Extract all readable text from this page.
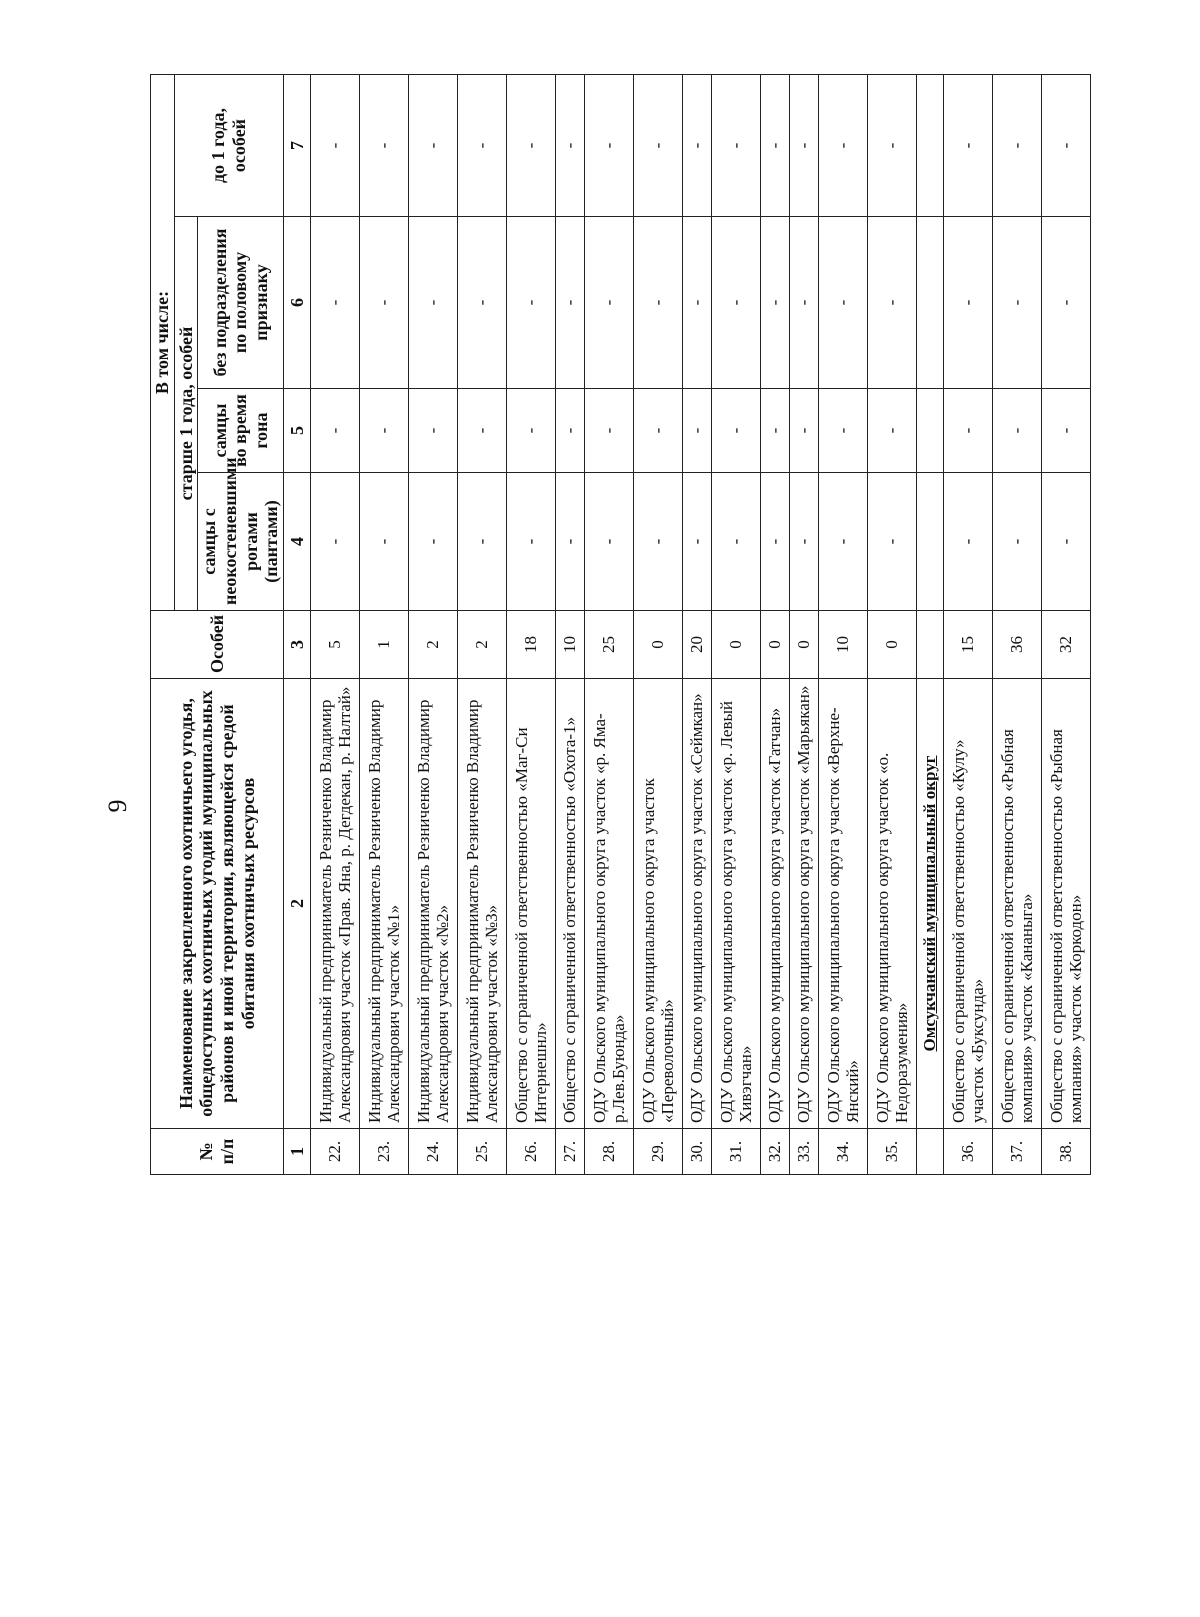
9
№ п/п	Наименование закрепленного охотничьего угодья, общедоступных охотничьих угодий муниципальных районов и иной территории, являющейся средой обитания охотничьих ресурсов	Особей	В том числе:			
			старше 1 года, особей			до 1 года, особей
			самцы с неокостеневшими рогами (пантами)	самцы во время гона	без подразделения по половому признаку	
1	2	3	4	5	6	7
22.	Индивидуальный предприниматель Резниченко Владимир Александрович участок «Прав. Яна, р. Дегдекан, р. Налтай»	5	-	-	-	-
23.	Индивидуальный предприниматель Резниченко Владимир Александрович участок «№1»	1	-	-	-	-
24.	Индивидуальный предприниматель Резниченко Владимир Александрович участок «№2»	2	-	-	-	-
25.	Индивидуальный предприниматель Резниченко Владимир Александрович участок «№3»	2	-	-	-	-
26.	Общество с ограниченной ответственностью «Маг-Си Интернешнл»	18	-	-	-	-
27.	Общество с ограниченной ответственностью «Охота-1»	10	-	-	-	-
28.	ОДУ Ольского муниципального округа участок «р. Яма-р.Лев.Буюнда»	25	-	-	-	-
29.	ОДУ Ольского муниципального округа участок «Переволочный»	0	-	-	-	-
30.	ОДУ Ольского муниципального округа участок «Сеймкан»	20	-	-	-	-
31.	ОДУ Ольского муниципального округа участок «р. Левый Хивэгчан»	0	-	-	-	-
32.	ОДУ Ольского муниципального округа участок «Гатчан»	0	-	-	-	-
33.	ОДУ Ольского муниципального округа участок «Марьякан»	0	-	-	-	-
34.	ОДУ Ольского муниципального округа участок «Верхне-Янский»	10	-	-	-	-
35.	ОДУ Ольского муниципального округа участок «о. Недоразумения»	0	-	-	-	-
	Омсукчанский муниципальный округ					
36.	Общество с ограниченной ответственностью «Кулу» участок «Буксунда»	15	-	-	-	-
37.	Общество с ограниченной ответственностью «Рыбная компания» участок «Кананыга»	36	-	-	-	-
38.	Общество с ограниченной ответственностью «Рыбная компания» участок «Коркодон»	32	-	-	-	-
